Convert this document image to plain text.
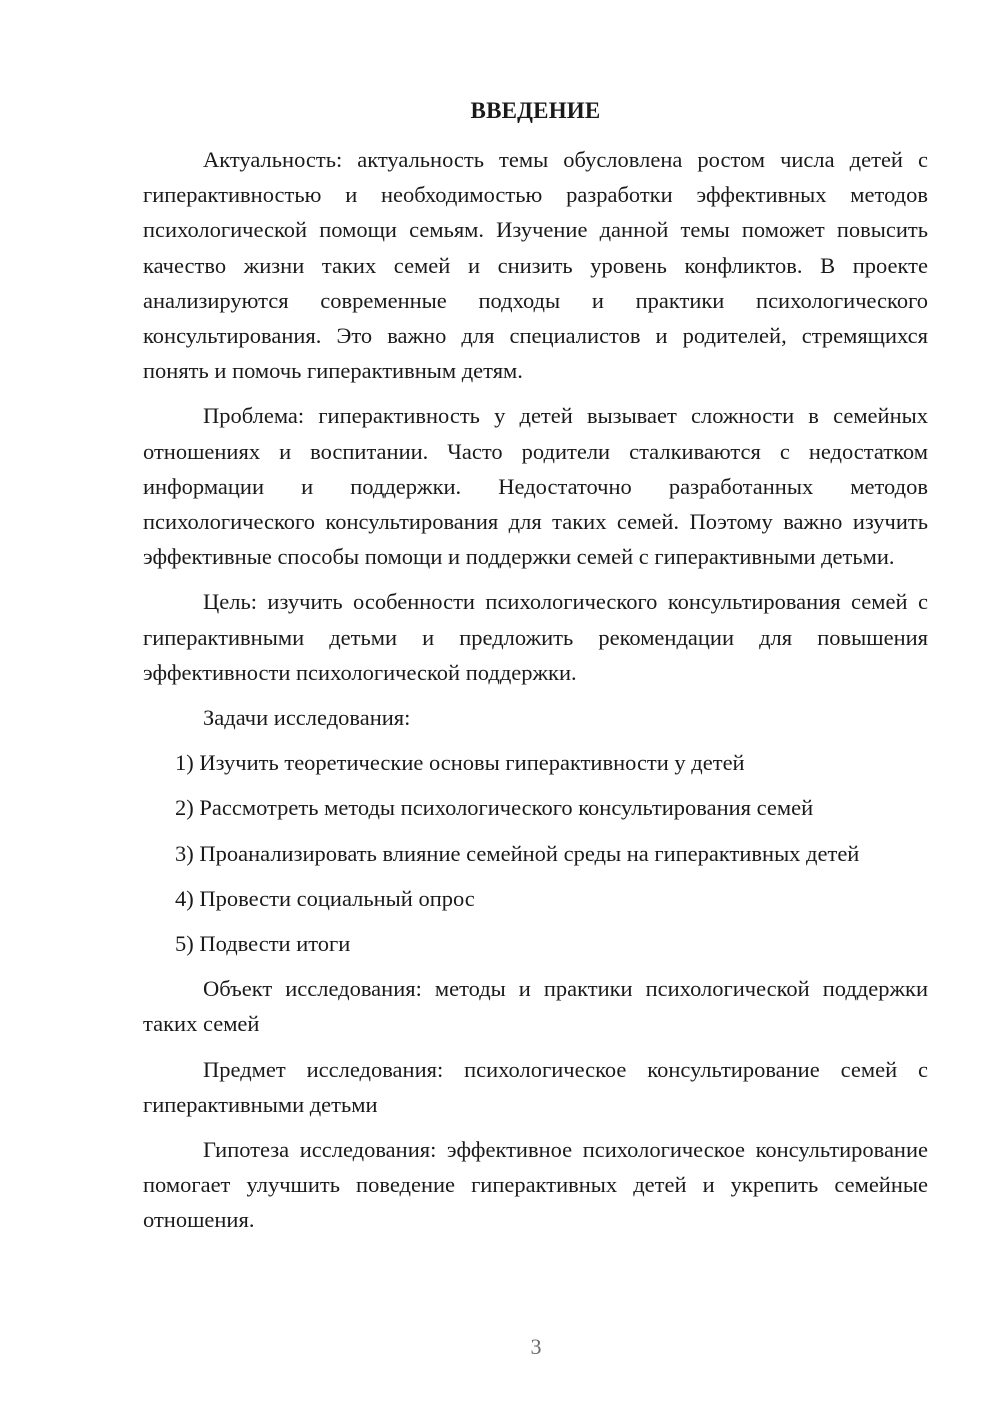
ВВЕДЕНИЕ

Актуальность: актуальность темы обусловлена ростом числа детей с гиперактивностью и необходимостью разработки эффективных методов психологической помощи семьям. Изучение данной темы поможет повысить качество жизни таких семей и снизить уровень конфликтов. В проекте анализируются современные подходы и практики психологического консультирования. Это важно для специалистов и родителей, стремящихся понять и помочь гиперактивным детям.

Проблема: гиперактивность у детей вызывает сложности в семейных отношениях и воспитании. Часто родители сталкиваются с недостатком информации и поддержки. Недостаточно разработанных методов психологического консультирования для таких семей. Поэтому важно изучить эффективные способы помощи и поддержки семей с гиперактивными детьми.

Цель: изучить особенности психологического консультирования семей с гиперактивными детьми и предложить рекомендации для повышения эффективности психологической поддержки.

Задачи исследования:

1) Изучить теоретические основы гиперактивности у детей

2) Рассмотреть методы психологического консультирования семей

3) Проанализировать влияние семейной среды на гиперактивных детей

4) Провести социальный опрос

5) Подвести итоги

Объект исследования: методы и практики психологической поддержки таких семей

Предмет исследования: психологическое консультирование семей с гиперактивными детьми

Гипотеза исследования: эффективное психологическое консультирование помогает улучшить поведение гиперактивных детей и укрепить семейные отношения.

3
